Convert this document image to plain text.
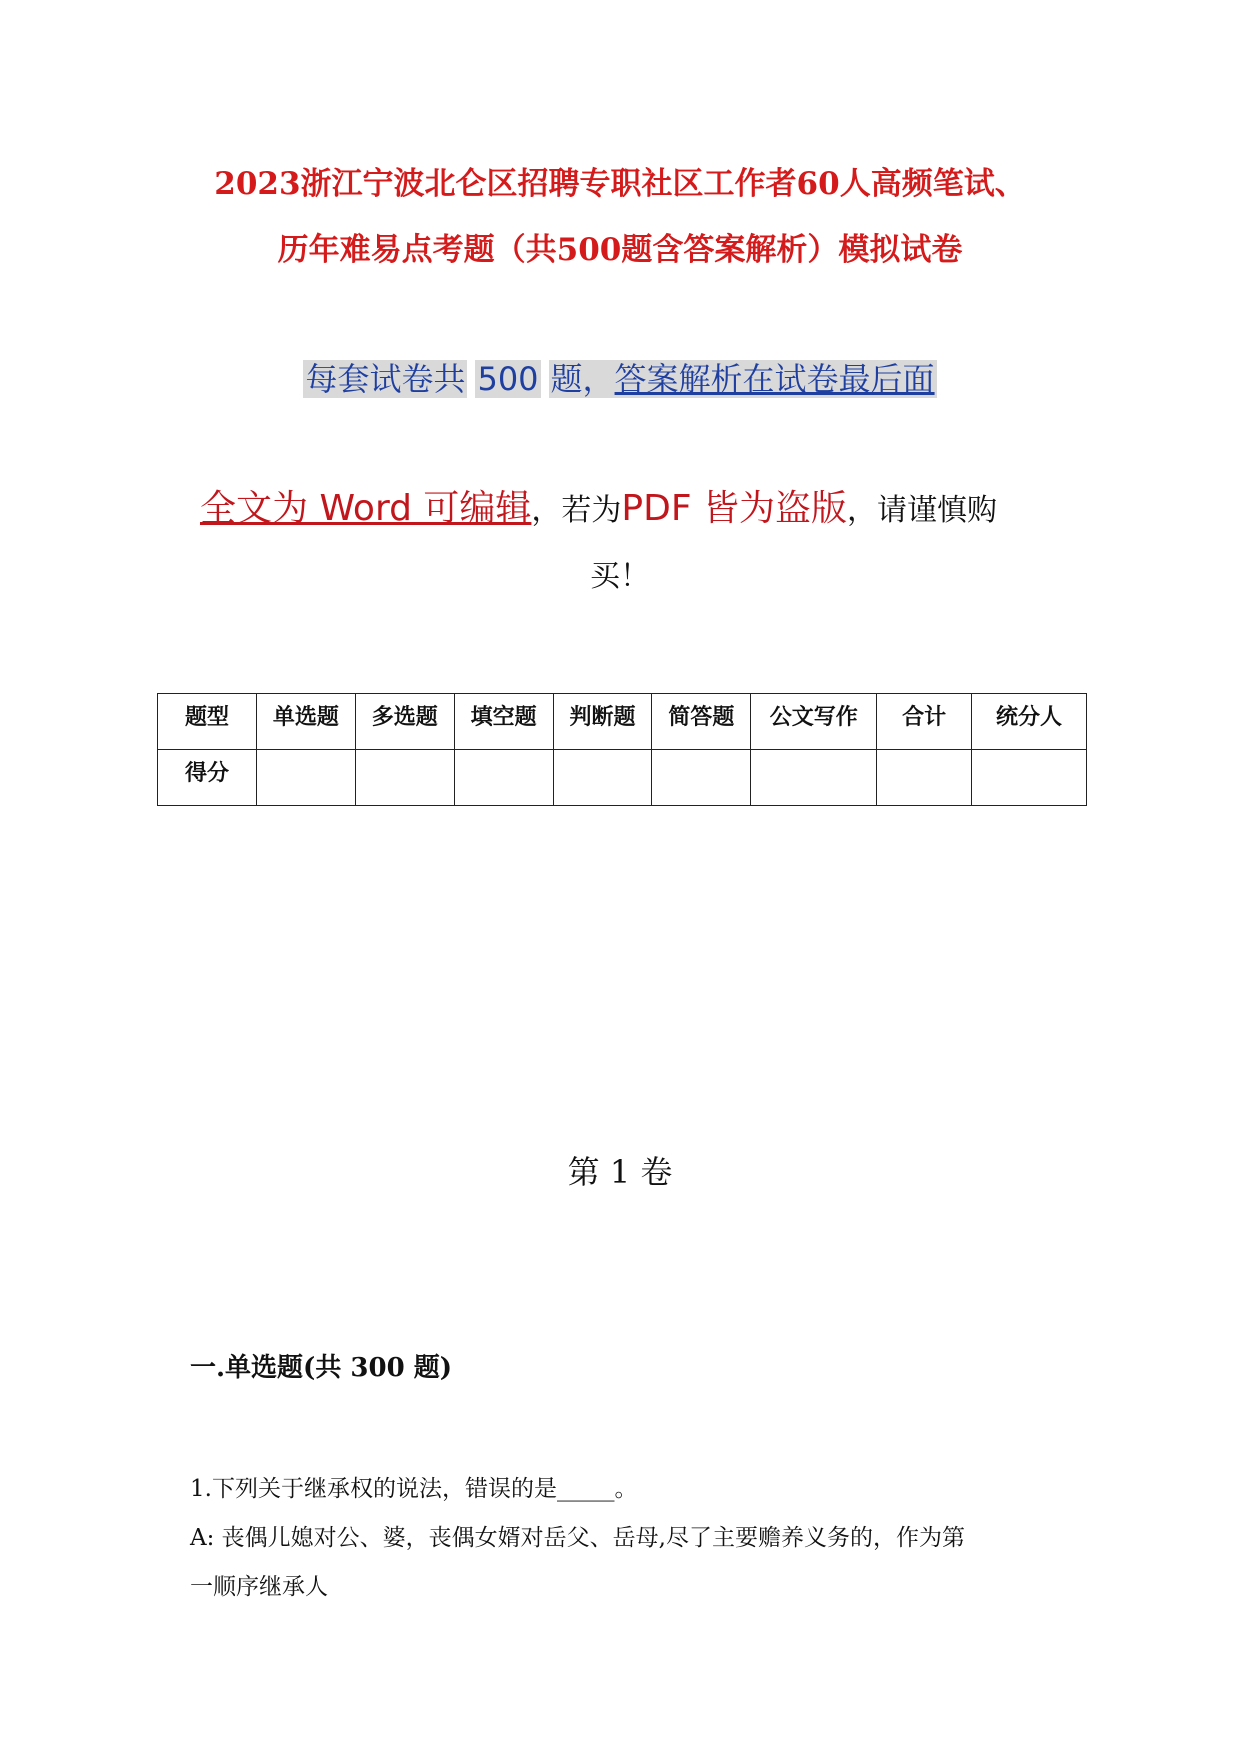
2023浙江宁波北仑区招聘专职社区工作者60人高频笔试、
历年难易点考题（共500题含答案解析）模拟试卷
每套试卷共 500 题，答案解析在试卷最后面
全文为 Word 可编辑，若为PDF 皆为盗版，请谨慎购
买！
题型	单选题	多选题	填空题	判断题	简答题	公文写作	合计	统分人
得分								
第 1 卷
一.单选题(共 300 题)
1.下列关于继承权的说法，错误的是_____。
A: 丧偶儿媳对公、婆，丧偶女婿对岳父、岳母,尽了主要赡养义务的，作为第
一顺序继承人
